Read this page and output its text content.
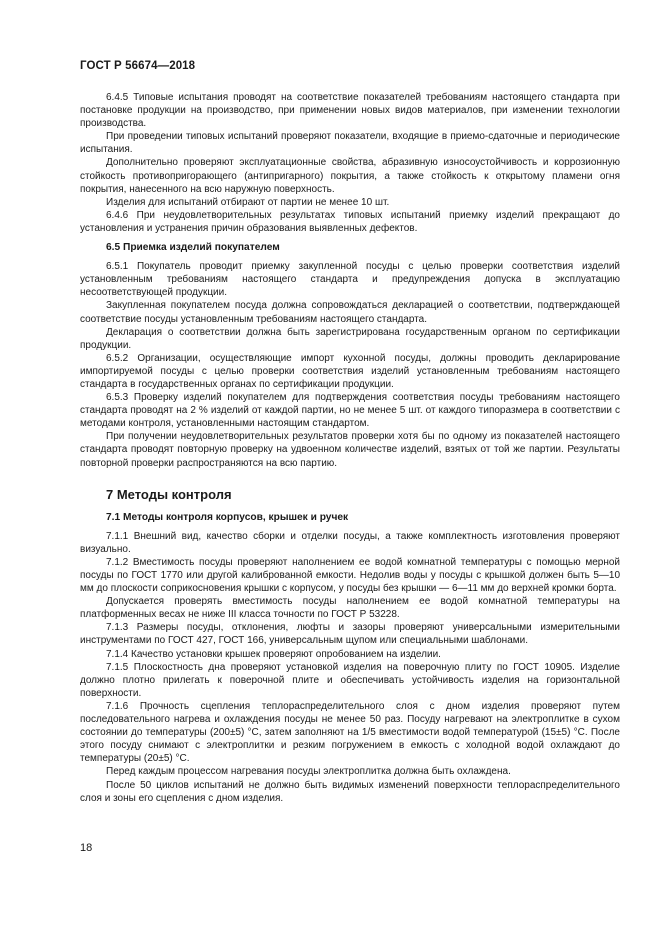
ГОСТ Р 56674—2018

6.4.5 Типовые испытания проводят на соответствие показателей требованиям настоящего стандарта при постановке продукции на производство, при применении новых видов материалов, при изменении технологии производства.

При проведении типовых испытаний проверяют показатели, входящие в приемо-сдаточные и периодические испытания.

Дополнительно проверяют эксплуатационные свойства, абразивную износоустойчивость и коррозионную стойкость противопригорающего (антипригарного) покрытия, а также стойкость к открытому пламени огня покрытия, нанесенного на всю наружную поверхность.

Изделия для испытаний отбирают от партии не менее 10 шт.

6.4.6 При неудовлетворительных результатах типовых испытаний приемку изделий прекращают до установления и устранения причин образования выявленных дефектов.

6.5 Приемка изделий покупателем

6.5.1 Покупатель проводит приемку закупленной посуды с целью проверки соответствия изделий установленным требованиям настоящего стандарта и предупреждения допуска в эксплуатацию несоответствующей продукции.

Закупленная покупателем посуда должна сопровождаться декларацией о соответствии, подтверждающей соответствие посуды установленным требованиям настоящего стандарта.

Декларация о соответствии должна быть зарегистрирована государственным органом по сертификации продукции.

6.5.2 Организации, осуществляющие импорт кухонной посуды, должны проводить декларирование импортируемой посуды с целью проверки соответствия изделий установленным требованиям настоящего стандарта в государственных органах по сертификации продукции.

6.5.3 Проверку изделий покупателем для подтверждения соответствия посуды требованиям настоящего стандарта проводят на 2 % изделий от каждой партии, но не менее 5 шт. от каждого типоразмера в соответствии с методами контроля, установленными настоящим стандартом.

При получении неудовлетворительных результатов проверки хотя бы по одному из показателей настоящего стандарта проводят повторную проверку на удвоенном количестве изделий, взятых от той же партии. Результаты повторной проверки распространяются на всю партию.

7 Методы контроля
7.1 Методы контроля корпусов, крышек и ручек

7.1.1 Внешний вид, качество сборки и отделки посуды, а также комплектность изготовления проверяют визуально.

7.1.2 Вместимость посуды проверяют наполнением ее водой комнатной температуры с помощью мерной посуды по ГОСТ 1770 или другой калиброванной емкости. Недолив воды у посуды с крышкой должен быть 5—10 мм до плоскости соприкосновения крышки с корпусом, у посуды без крышки — 6—11 мм до верхней кромки борта.

Допускается проверять вместимость посуды наполнением ее водой комнатной температуры на платформенных весах не ниже III класса точности по ГОСТ Р 53228.

7.1.3 Размеры посуды, отклонения, люфты и зазоры проверяют универсальными измерительными инструментами по ГОСТ 427, ГОСТ 166, универсальным щупом или специальными шаблонами.

7.1.4 Качество установки крышек проверяют опробованием на изделии.

7.1.5 Плоскостность дна проверяют установкой изделия на поверочную плиту по ГОСТ 10905. Изделие должно плотно прилегать к поверочной плите и обеспечивать устойчивость изделия на горизонтальной поверхности.

7.1.6 Прочность сцепления теплораспределительного слоя с дном изделия проверяют путем последовательного нагрева и охлаждения посуды не менее 50 раз. Посуду нагревают на электроплитке в сухом состоянии до температуры (200±5) °С, затем заполняют на 1/5 вместимости водой температурой (15±5) °С. После этого посуду снимают с электроплитки и резким погружением в емкость с холодной водой охлаждают до температуры (20±5) °С.

Перед каждым процессом нагревания посуды электроплитка должна быть охлаждена.

После 50 циклов испытаний не должно быть видимых изменений поверхности теплораспределительного слоя и зоны его сцепления с дном изделия.

18
